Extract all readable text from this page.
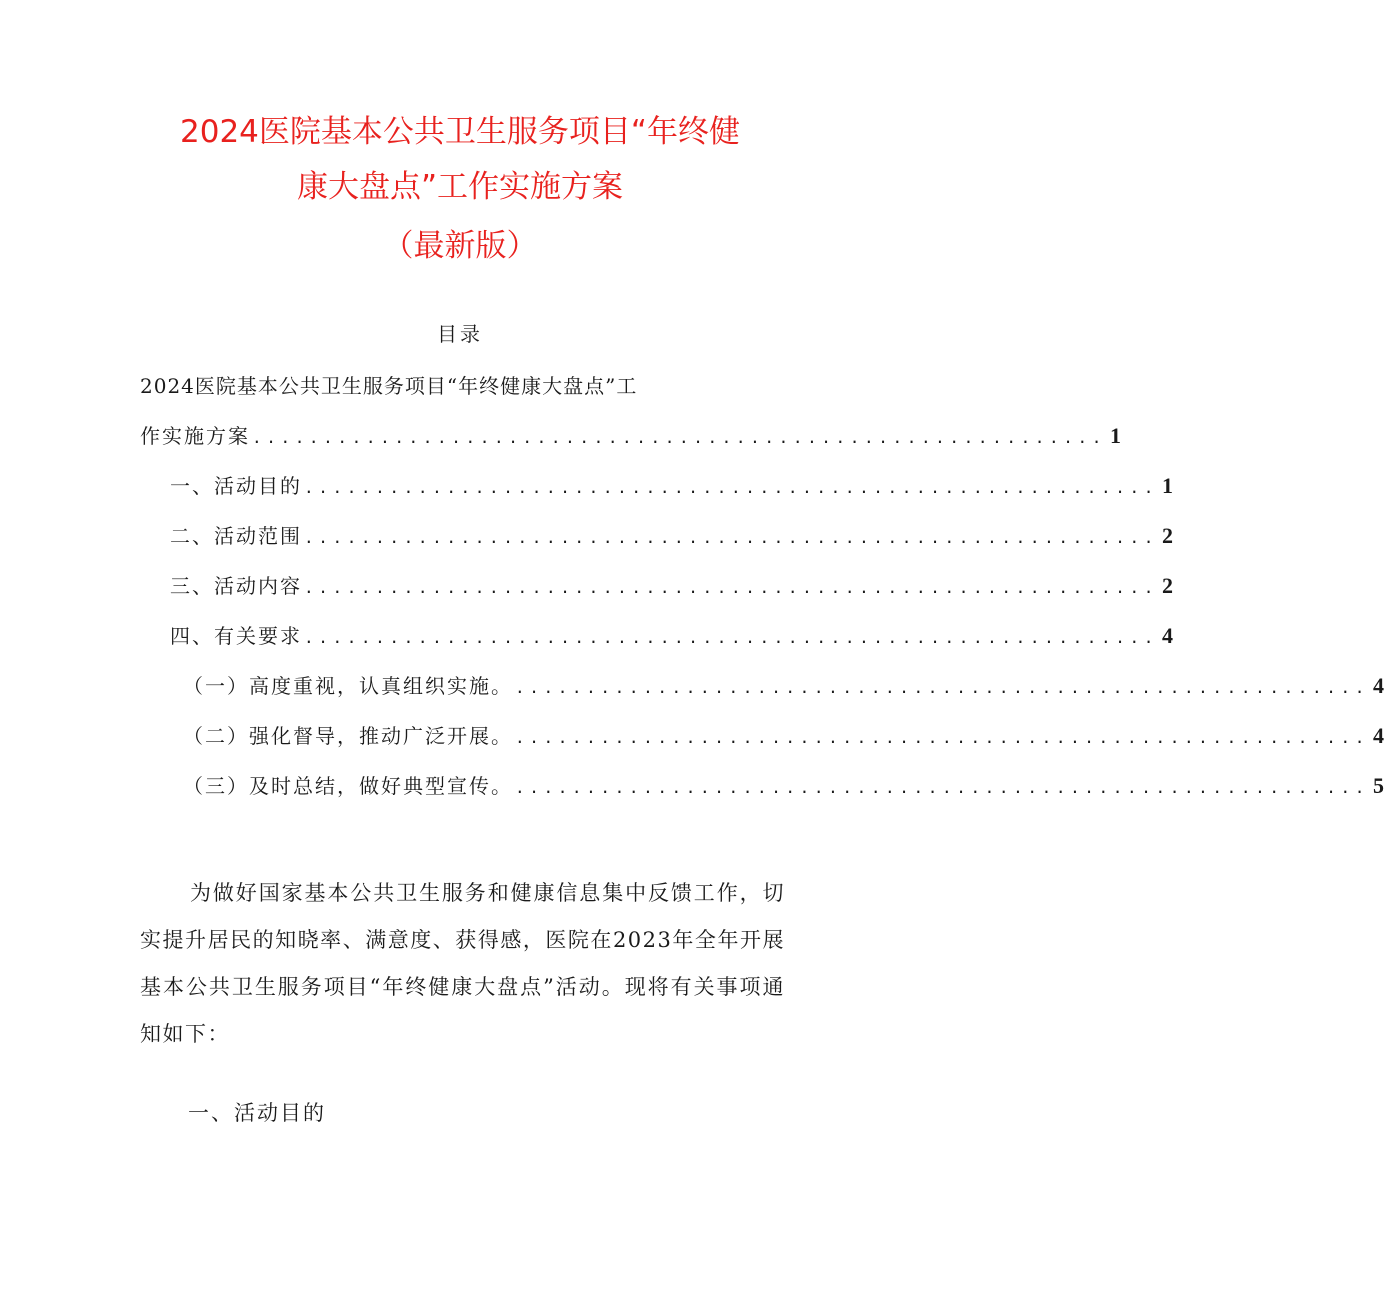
2024医院基本公共卫生服务项目“年终健
康大盘点”工作实施方案
（最新版）
目录
2024医院基本公共卫生服务项目“年终健康大盘点”工
作实施方案 ............................................................ 1
一、活动目的 ............................................................ 1
二、活动范围 ............................................................ 2
三、活动内容 ............................................................ 2
四、有关要求 ............................................................ 4
（一）高度重视，认真组织实施。 ............................................................ 4
（二）强化督导，推动广泛开展。 ............................................................ 4
（三）及时总结，做好典型宣传。 ............................................................ 5

为做好国家基本公共卫生服务和健康信息集中反馈工作，切实提升居民的知晓率、满意度、获得感，医院在2023年全年开展基本公共卫生服务项目“年终健康大盘点”活动。现将有关事项通知如下：

一、活动目的
